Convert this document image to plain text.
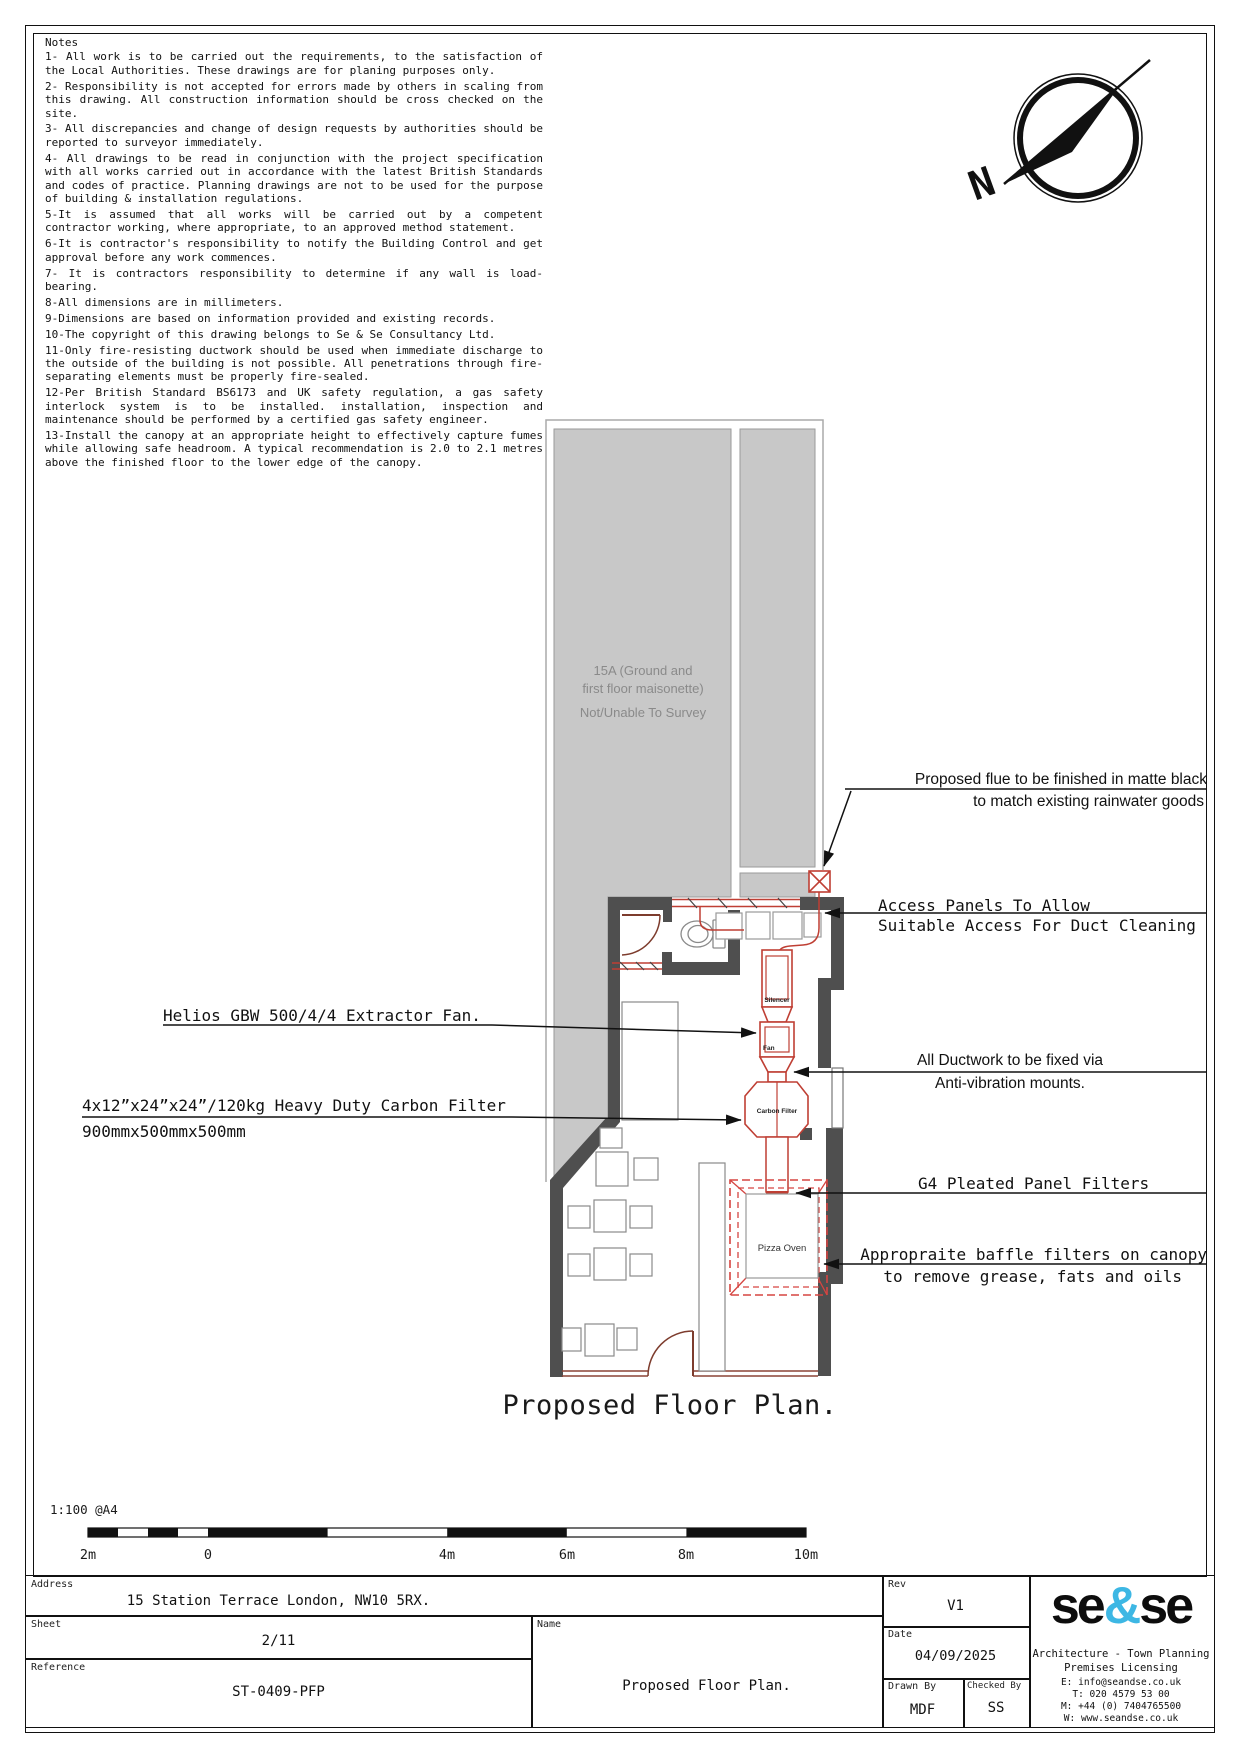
Notes
1- All work is to be carried out the requirements, to the satisfaction of the Local Authorities. These drawings are for planing purposes only.
2- Responsibility is not accepted for errors made by others in scaling from this drawing. All construction information should be cross checked on the site.
3- All discrepancies and change of design requests by authorities should be reported to surveyor immediately.
4- All drawings to be read in conjunction with the project specification with all works carried out in accordance with the latest British Standards and codes of practice. Planning drawings are not to be used for the purpose of building & installation regulations.
5-It is assumed that all works will be carried out by a competent contractor working, where appropriate, to an approved method statement.
6-It is contractor's responsibility to notify the Building Control and get approval before any work commences.
7- It is contractors responsibility to determine if any wall is load-bearing.
8-All dimensions are in millimeters.
9-Dimensions are based on information provided and existing records.
10-The copyright of this drawing belongs to Se & Se Consultancy Ltd.
11-Only fire-resisting ductwork should be used when immediate discharge to the outside of the building is not possible. All penetrations through fire-separating elements must be properly fire-sealed.
12-Per British Standard BS6173 and UK safety regulation, a gas safety interlock system is to be installed. installation, inspection and maintenance should be performed by a certified gas safety engineer.
13-Install the canopy at an appropriate height to effectively capture fumes while allowing safe headroom. A typical recommendation is 2.0 to 2.1 metres above the finished floor to the lower edge of the canopy.
N
Silencer
Fan
Carbon Filter
Pizza Oven
15A (Ground and
first floor maisonette)
Not/Unable To Survey
Proposed flue to be finished in matte black
to match existing rainwater goods
Access Panels To Allow
Suitable Access For Duct Cleaning
Helios GBW 500/4/4 Extractor Fan.
4x12”x24”x24”/120kg Heavy Duty Carbon Filter
900mmx500mmx500mm
All Ductwork to be fixed via
Anti-vibration mounts.
G4 Pleated Panel Filters
Appropraite baffle filters on canopy
to remove grease, fats and oils
Proposed Floor Plan.
1:100 @A4
2m	0	4m	6m	8m	10m
Address
15 Station Terrace London, NW10 5RX.
Sheet
2/11
Reference
ST-0409-PFP
Name
Proposed Floor Plan.
Rev
V1
Date
04/09/2025
Drawn By
MDF
Checked By
SS
se&se
Architecture - Town Planning
Premises Licensing
E: info@seandse.co.uk
T: 020 4579 53 00
M: +44 (0) 7404765500
W: www.seandse.co.uk
